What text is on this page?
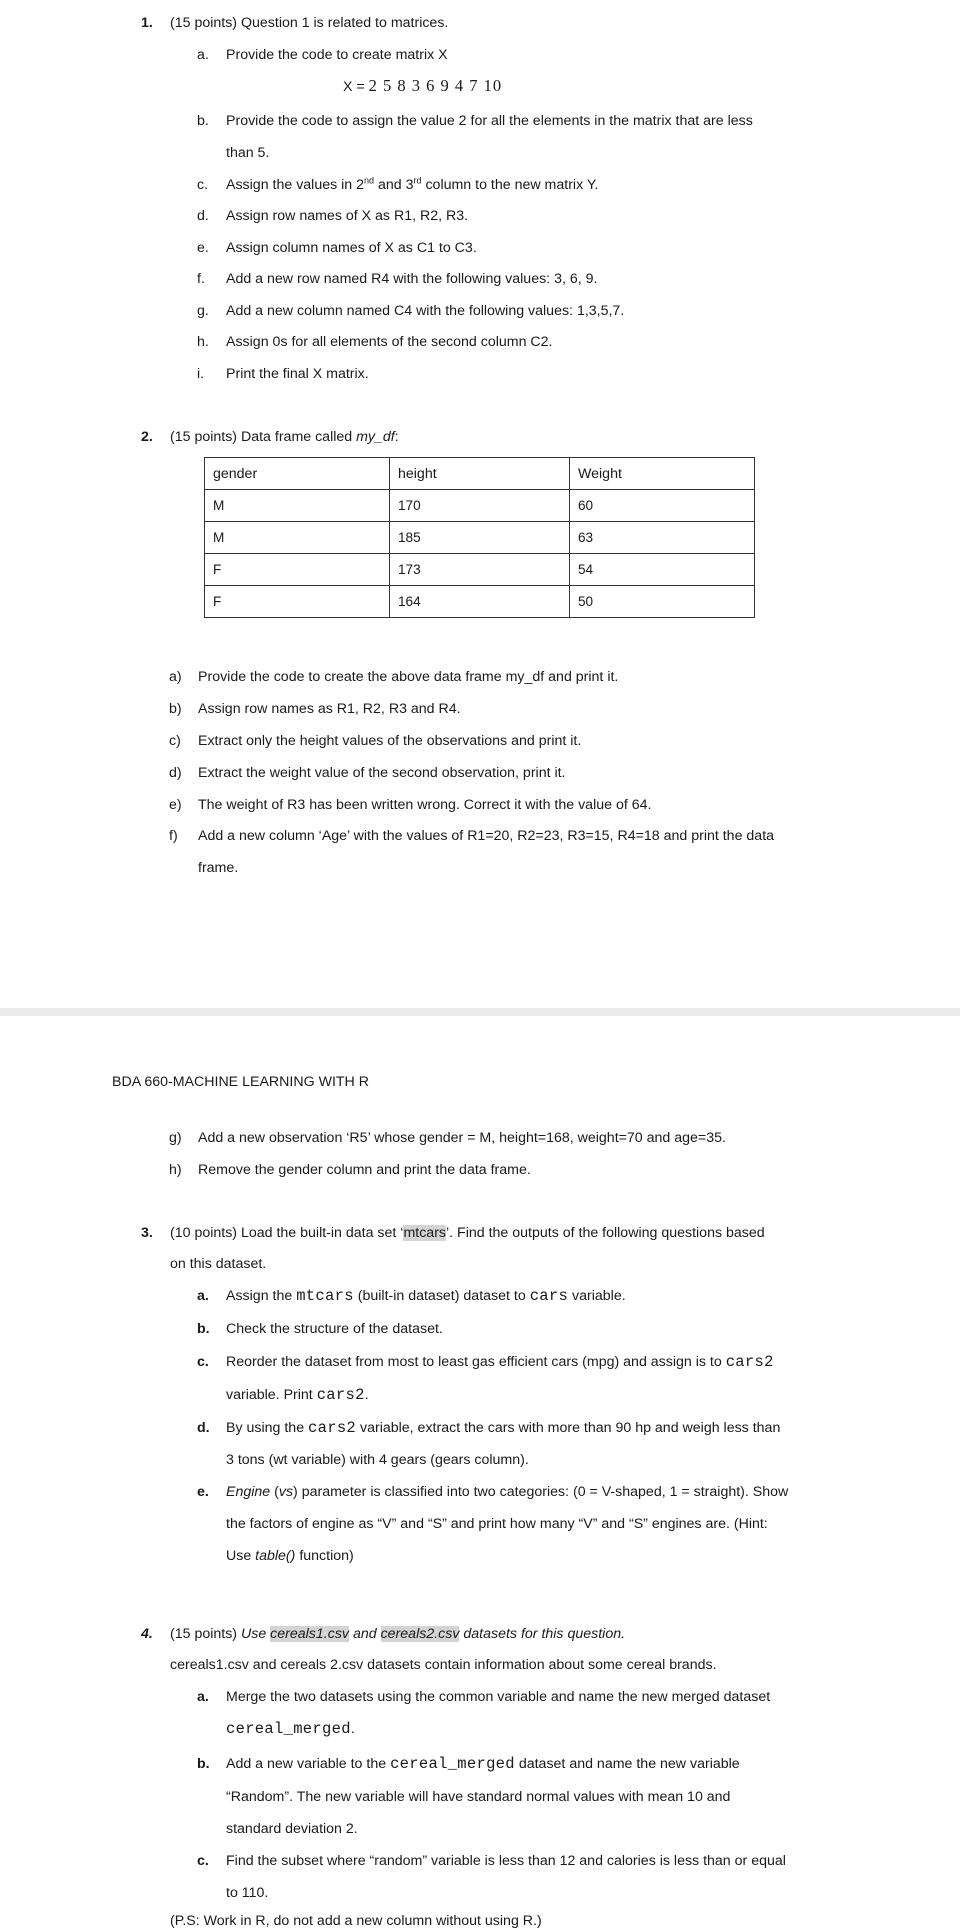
1. (15 points) Question 1 is related to matrices.
a. Provide the code to create matrix X
X = 2 5 8 3 6 9 4 7 10
b. Provide the code to assign the value 2 for all the elements in the matrix that are less
than 5.
c. Assign the values in 2nd and 3rd column to the new matrix Y.
d. Assign row names of X as R1, R2, R3.
e. Assign column names of X as C1 to C3.
f. Add a new row named R4 with the following values: 3, 6, 9.
g. Add a new column named C4 with the following values: 1,3,5,7.
h. Assign 0s for all elements of the second column C2.
i. Print the final X matrix.
2. (15 points) Data frame called my_df:
gender	height	Weight
M	170	60
M	185	63
F	173	54
F	164	50
a) Provide the code to create the above data frame my_df and print it.
b) Assign row names as R1, R2, R3 and R4.
c) Extract only the height values of the observations and print it.
d) Extract the weight value of the second observation, print it.
e) The weight of R3 has been written wrong. Correct it with the value of 64.
f) Add a new column ‘Age’ with the values of R1=20, R2=23, R3=15, R4=18 and print the data
frame.
BDA 660-MACHINE LEARNING WITH R
g) Add a new observation ‘R5’ whose gender = M, height=168, weight=70 and age=35.
h) Remove the gender column and print the data frame.
3. (10 points) Load the built-in data set ‘mtcars’. Find the outputs of the following questions based
on this dataset.
a. Assign the mtcars (built-in dataset) dataset to cars variable.
b. Check the structure of the dataset.
c. Reorder the dataset from most to least gas efficient cars (mpg) and assign is to cars2
variable. Print cars2.
d. By using the cars2 variable, extract the cars with more than 90 hp and weigh less than
3 tons (wt variable) with 4 gears (gears column).
e. Engine (vs) parameter is classified into two categories: (0 = V-shaped, 1 = straight). Show
the factors of engine as “V” and “S” and print how many “V” and “S” engines are. (Hint:
Use table() function)
4. (15 points) Use cereals1.csv and cereals2.csv datasets for this question.
cereals1.csv and cereals 2.csv datasets contain information about some cereal brands.
a. Merge the two datasets using the common variable and name the new merged dataset
cereal_merged.
b. Add a new variable to the cereal_merged dataset and name the new variable
“Random”. The new variable will have standard normal values with mean 10 and
standard deviation 2.
c. Find the subset where “random” variable is less than 12 and calories is less than or equal
to 110.
(P.S: Work in R, do not add a new column without using R.)
